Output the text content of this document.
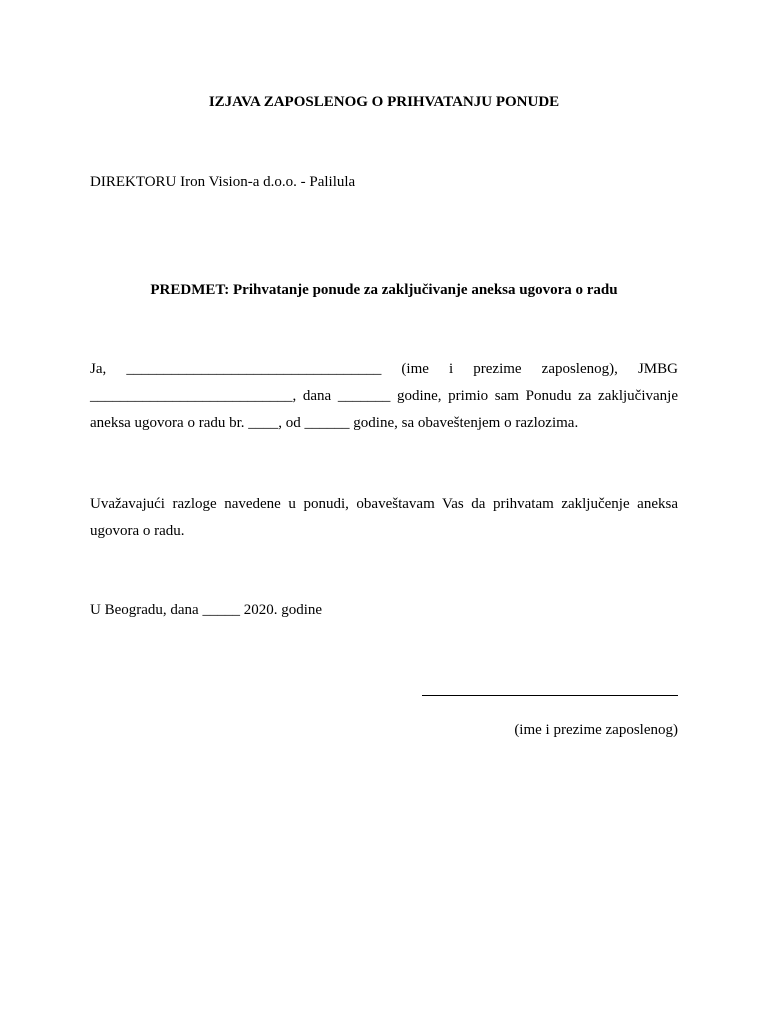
IZJAVA ZAPOSLENOG O PRIHVATANJU PONUDE
DIREKTORU Iron Vision-a d.o.o. - Palilula
PREDMET: Prihvatanje ponude za zaključivanje aneksa ugovora o radu
Ja, __________________________________ (ime i prezime zaposlenog), JMBG ___________________________, dana _______ godine, primio sam Ponudu za zaključivanje aneksa ugovora o radu br. ____, od ______ godine, sa obaveštenjem o razlozima.
Uvažavajući razloge navedene u ponudi, obaveštavam Vas da prihvatam zaključenje aneksa ugovora o radu.
U Beogradu, dana _____ 2020. godine
(ime i prezime zaposlenog)
